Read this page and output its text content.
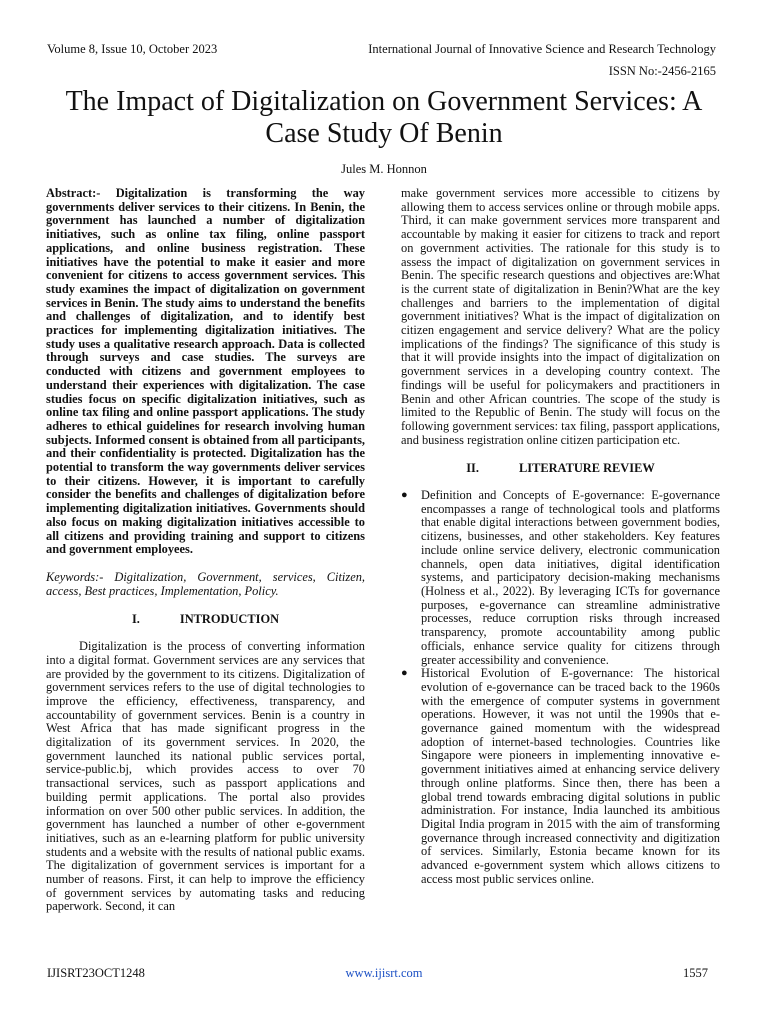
Volume 8, Issue 10, October 2023	International Journal of Innovative Science and Research Technology
ISSN No:-2456-2165
The Impact of Digitalization on Government Services: A Case Study Of Benin
Jules M. Honnon

Abstract:- Digitalization is transforming the way governments deliver services to their citizens. In Benin, the government has launched a number of digitalization initiatives, such as online tax filing, online passport applications, and online business registration. These initiatives have the potential to make it easier and more convenient for citizens to access government services. This study examines the impact of digitalization on government services in Benin. The study aims to understand the benefits and challenges of digitalization, and to identify best practices for implementing digitalization initiatives. The study uses a qualitative research approach. Data is collected through surveys and case studies. The surveys are conducted with citizens and government employees to understand their experiences with digitalization. The case studies focus on specific digitalization initiatives, such as online tax filing and online passport applications. The study adheres to ethical guidelines for research involving human subjects. Informed consent is obtained from all participants, and their confidentiality is protected. Digitalization has the potential to transform the way governments deliver services to their citizens. However, it is important to carefully consider the benefits and challenges of digitalization before implementing digitalization initiatives. Governments should also focus on making digitalization initiatives accessible to all citizens and providing training and support to citizens and government employees.

Keywords:- Digitalization, Government, services, Citizen, access, Best practices, Implementation, Policy.

I.	INTRODUCTION

Digitalization is the process of converting information into a digital format. Government services are any services that are provided by the government to its citizens. Digitalization of government services refers to the use of digital technologies to improve the efficiency, effectiveness, transparency, and accountability of government services. Benin is a country in West Africa that has made significant progress in the digitalization of its government services. In 2020, the government launched its national public services portal, service-public.bj, which provides access to over 70 transactional services, such as passport applications and building permit applications. The portal also provides information on over 500 other public services. In addition, the government has launched a number of other e-government initiatives, such as an e-learning platform for public university students and a website with the results of national public exams. The digitalization of government services is important for a number of reasons. First, it can help to improve the efficiency of government services by automating tasks and reducing paperwork. Second, it can

make government services more accessible to citizens by allowing them to access services online or through mobile apps. Third, it can make government services more transparent and accountable by making it easier for citizens to track and report on government activities. The rationale for this study is to assess the impact of digitalization on government services in Benin. The specific research questions and objectives are:What is the current state of digitalization in Benin?What are the key challenges and barriers to the implementation of digital government initiatives? What is the impact of digitalization on citizen engagement and service delivery? What are the policy implications of the findings? The significance of this study is that it will provide insights into the impact of digitalization on government services in a developing country context. The findings will be useful for policymakers and practitioners in Benin and other African countries. The scope of the study is limited to the Republic of Benin. The study will focus on the following government services: tax filing, passport applications, and business registration online citizen participation etc.

II.	LITERATURE REVIEW
● Definition and Concepts of E-governance: E-governance encompasses a range of technological tools and platforms that enable digital interactions between government bodies, citizens, businesses, and other stakeholders. Key features include online service delivery, electronic communication channels, open data initiatives, digital identification systems, and participatory decision-making mechanisms (Holness et al., 2022). By leveraging ICTs for governance purposes, e-governance can streamline administrative processes, reduce corruption risks through increased transparency, promote accountability among public officials, enhance service quality for citizens through greater accessibility and convenience.
● Historical Evolution of E-governance: The historical evolution of e-governance can be traced back to the 1960s with the emergence of computer systems in government operations. However, it was not until the 1990s that e-governance gained momentum with the widespread adoption of internet-based technologies. Countries like Singapore were pioneers in implementing innovative e-government initiatives aimed at enhancing service delivery through online platforms. Since then, there has been a global trend towards embracing digital solutions in public administration. For instance, India launched its ambitious Digital India program in 2015 with the aim of transforming governance through increased connectivity and digitization of services. Similarly, Estonia became known for its advanced e-government system which allows citizens to access most public services online.
IJISRT23OCT1248	www.ijisrt.com	1557
